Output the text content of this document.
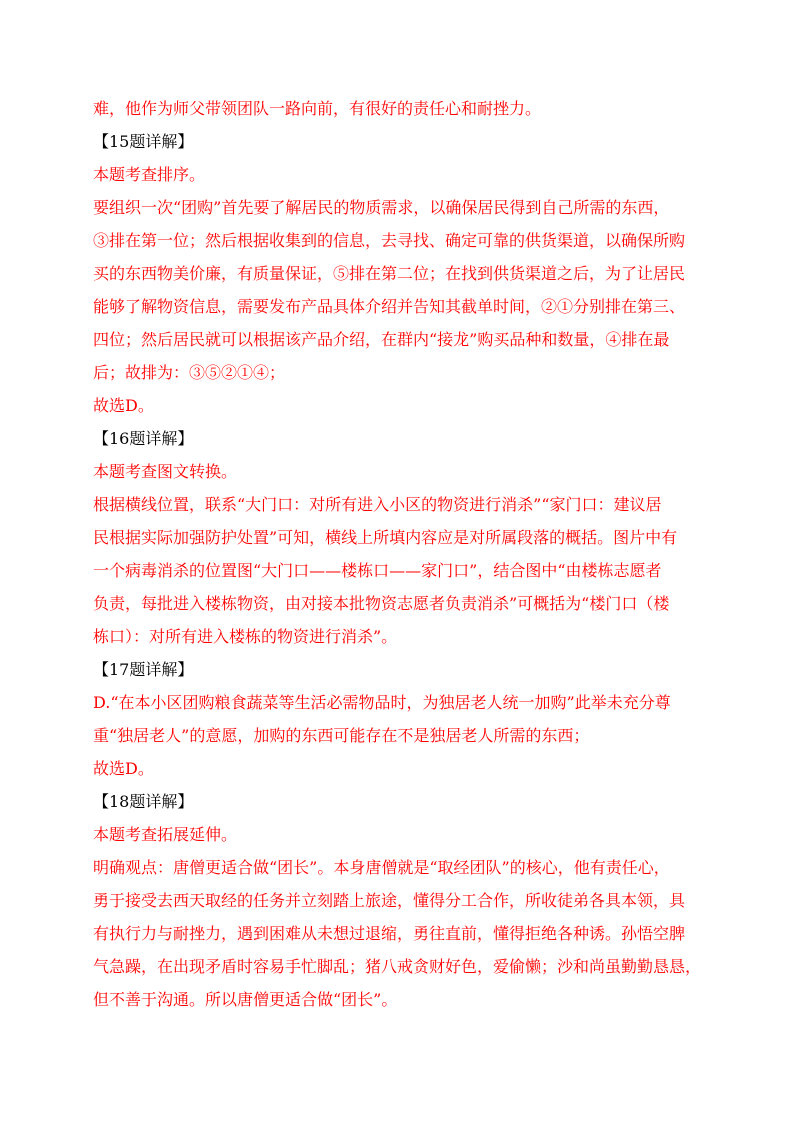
难，他作为师父带领团队一路向前，有很好的责任心和耐挫力。
【15题详解】
本题考查排序。
要组织一次“团购”首先要了解居民的物质需求，以确保居民得到自己所需的东西，
③排在第一位；然后根据收集到的信息，去寻找、确定可靠的供货渠道，以确保所购
买的东西物美价廉，有质量保证，⑤排在第二位；在找到供货渠道之后，为了让居民
能够了解物资信息，需要发布产品具体介绍并告知其截单时间，②①分别排在第三、
四位；然后居民就可以根据该产品介绍，在群内“接龙”购买品种和数量，④排在最
后；故排为：③⑤②①④；
故选D。
【16题详解】
本题考查图文转换。
根据横线位置，联系“大门口：对所有进入小区的物资进行消杀”“家门口：建议居
民根据实际加强防护处置”可知，横线上所填内容应是对所属段落的概括。图片中有
一个病毒消杀的位置图“大门口——楼栋口——家门口”，结合图中“由楼栋志愿者
负责，每批进入楼栋物资，由对接本批物资志愿者负责消杀”可概括为“楼门口（楼
栋口）：对所有进入楼栋的物资进行消杀”。
【17题详解】
D.“在本小区团购粮食蔬菜等生活必需物品时，为独居老人统一加购”此举未充分尊
重“独居老人”的意愿，加购的东西可能存在不是独居老人所需的东西；
故选D。
【18题详解】
本题考查拓展延伸。
明确观点：唐僧更适合做“团长”。本身唐僧就是“取经团队”的核心，他有责任心，
勇于接受去西天取经的任务并立刻踏上旅途，懂得分工合作，所收徒弟各具本领，具
有执行力与耐挫力，遇到困难从未想过退缩，勇往直前，懂得拒绝各种诱。孙悟空脾
气急躁，在出现矛盾时容易手忙脚乱；猪八戒贪财好色，爱偷懒；沙和尚虽勤勤恳恳，
但不善于沟通。所以唐僧更适合做“团长”。
